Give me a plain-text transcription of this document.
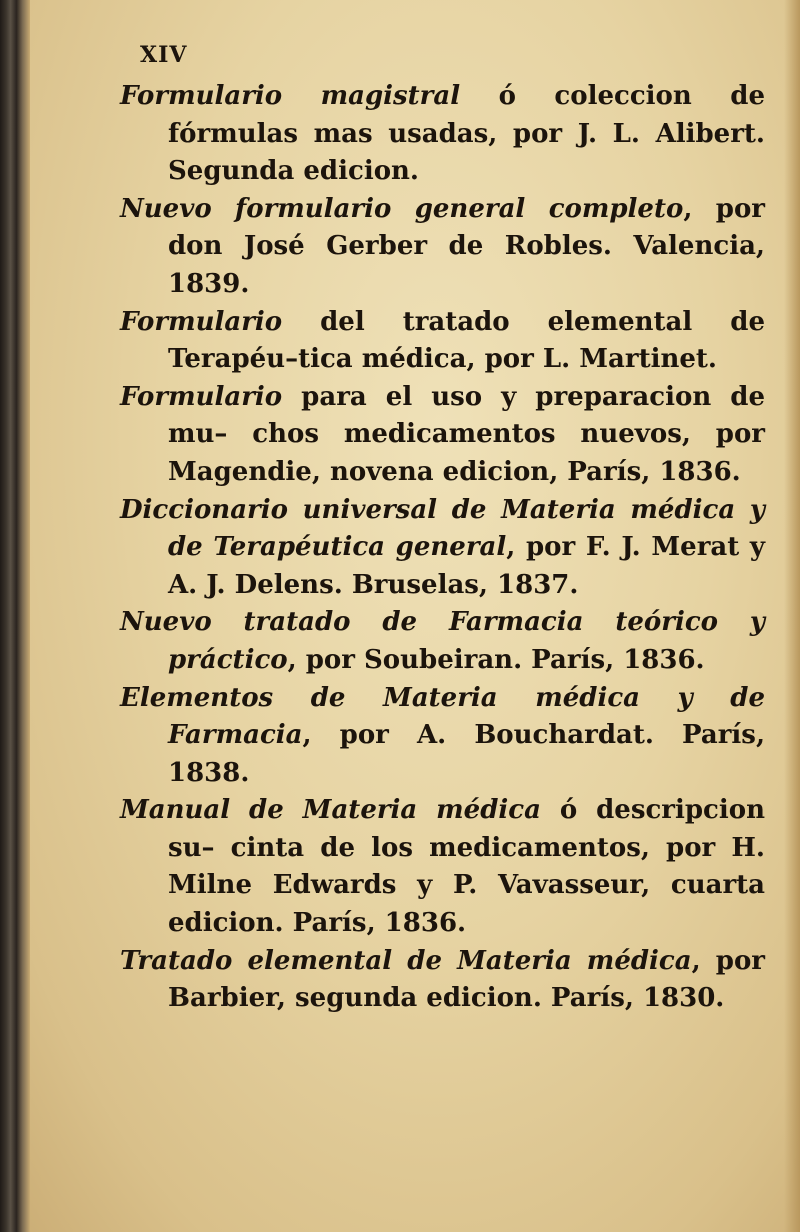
XIV

Formulario magistral ó coleccion de fórmulas mas usadas, por J. L. Alibert. Segunda edicion.

Nuevo formulario general completo, por don José Gerber de Robles. Valencia, 1839.

Formulario del tratado elemental de Terapéu–tica médica, por L. Martinet.

Formulario para el uso y preparacion de mu– chos medicamentos nuevos, por Magendie, novena edicion, París, 1836.

Diccionario universal de Materia médica y de Terapéutica general, por F. J. Merat y A. J. Delens. Bruselas, 1837.

Nuevo tratado de Farmacia teórico y práctico, por Soubeiran. París, 1836.

Elementos de Materia médica y de Farmacia, por A. Bouchardat. París, 1838.

Manual de Materia médica ó descripcion su– cinta de los medicamentos, por H. Milne Edwards y P. Vavasseur, cuarta edicion. París, 1836.

Tratado elemental de Materia médica, por Barbier, segunda edicion. París, 1830.
